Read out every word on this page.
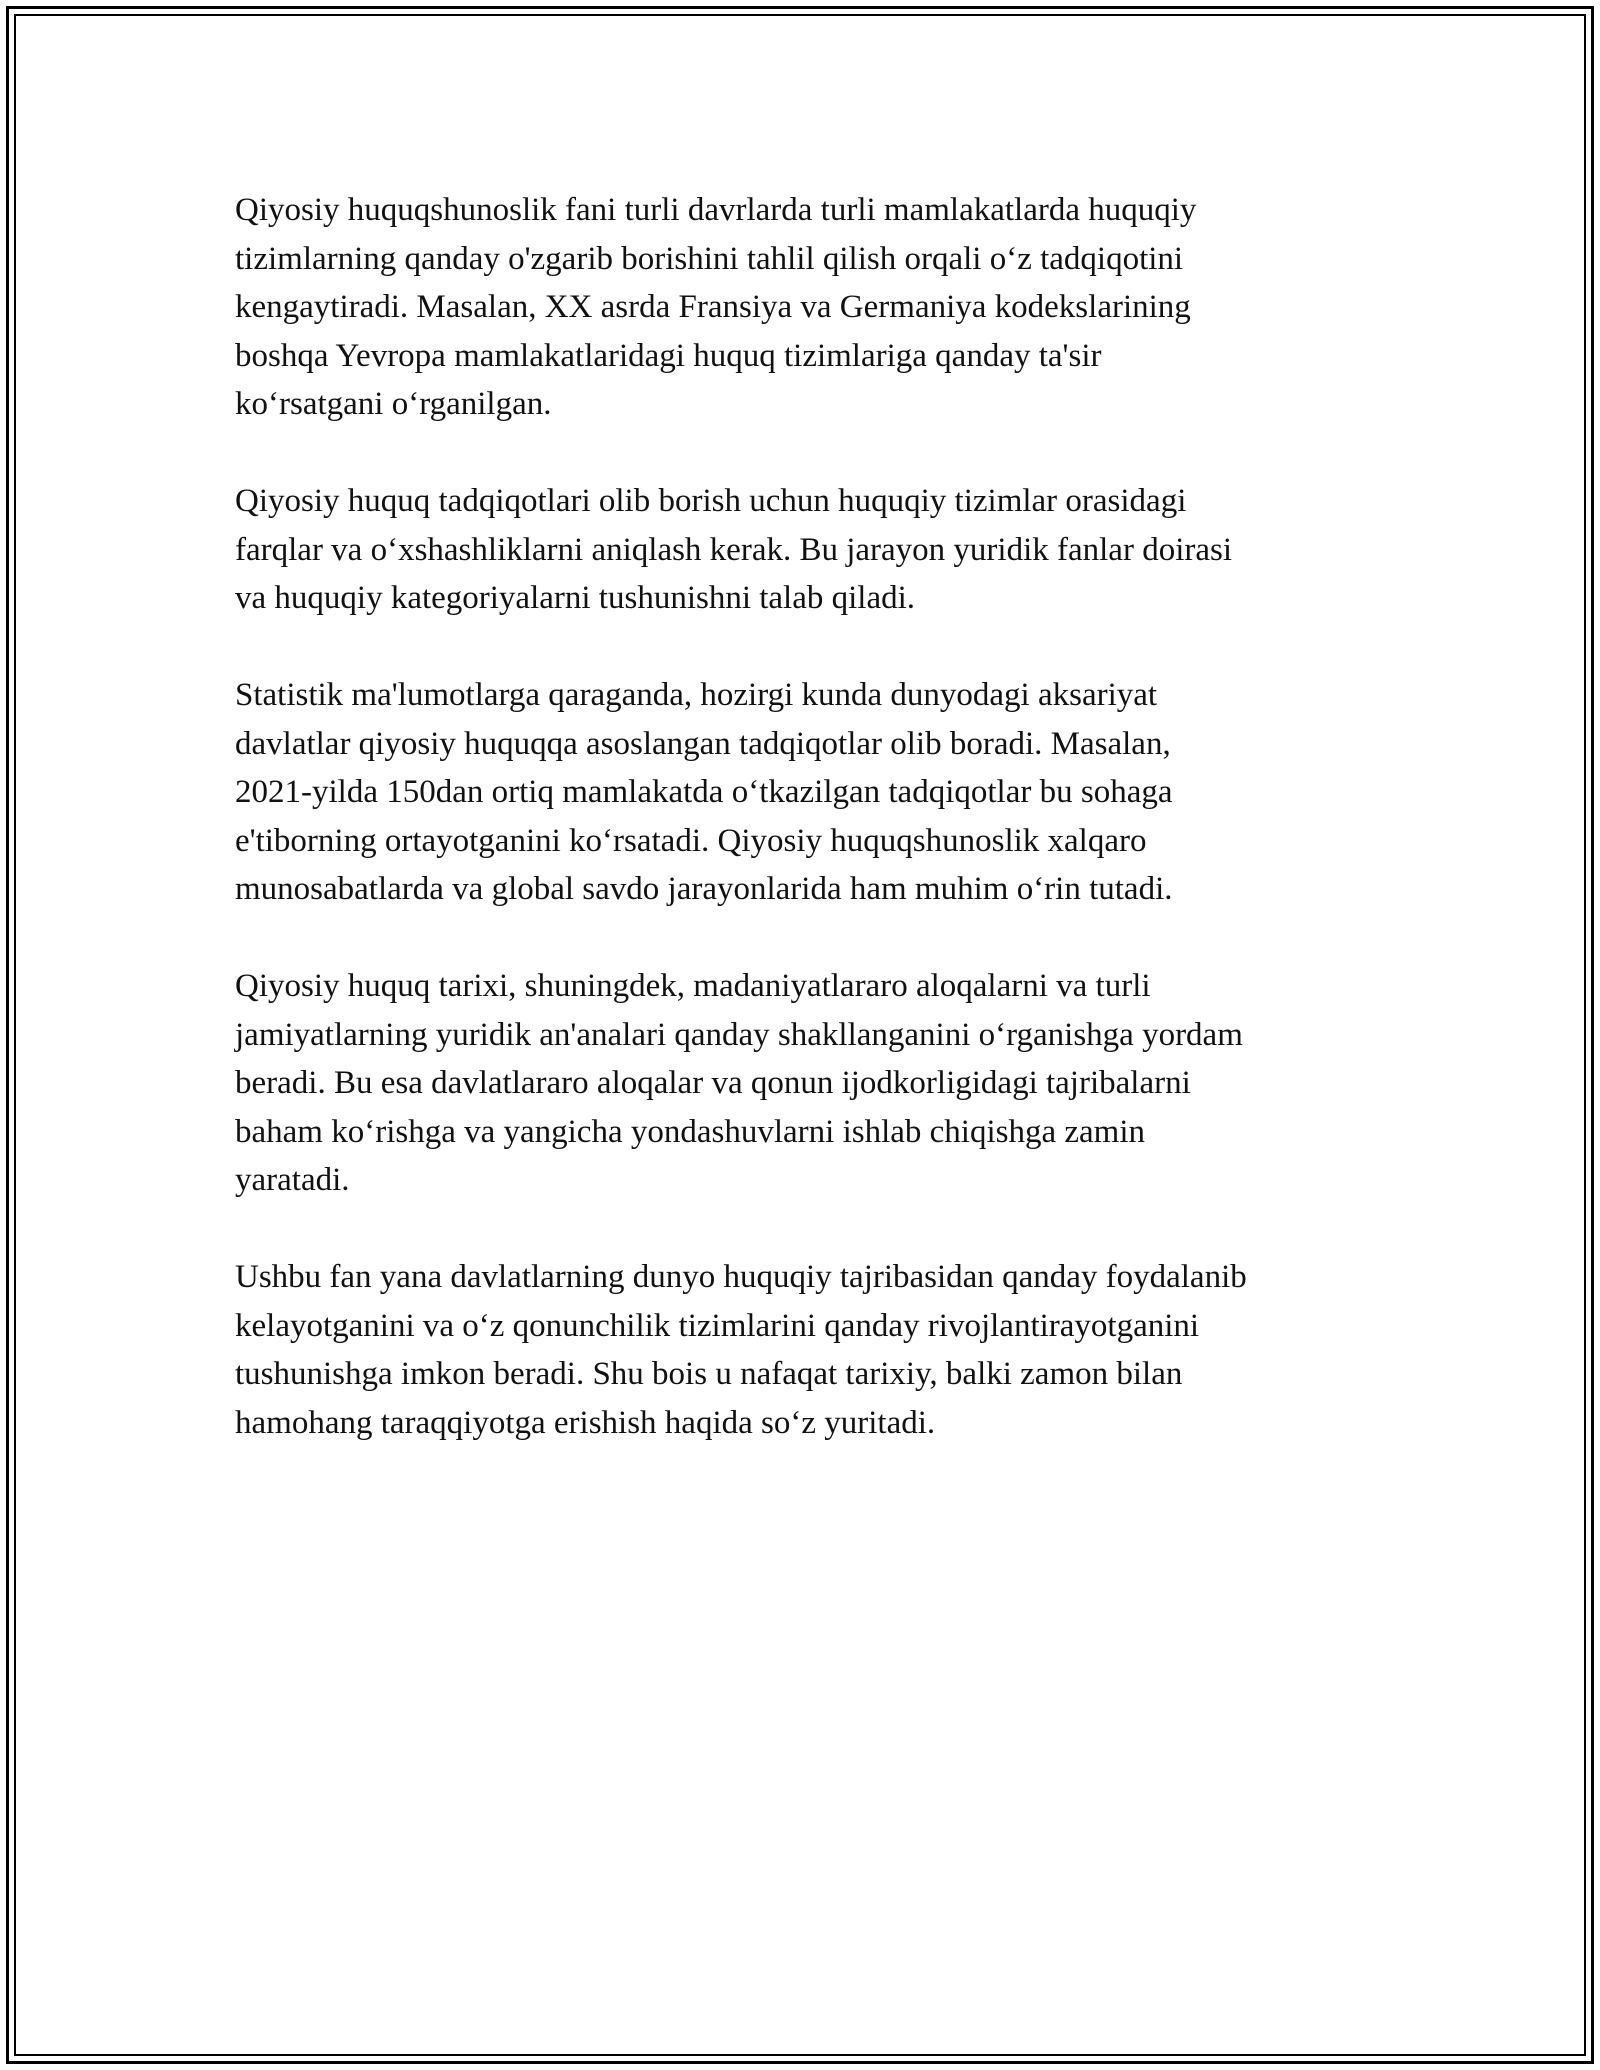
Qiyosiy huquqshunoslik fani turli davrlarda turli mamlakatlarda huquqiy
tizimlarning qanday o'zgarib borishini tahlil qilish orqali o‘z tadqiqotini
kengaytiradi. Masalan, XX asrda Fransiya va Germaniya kodekslarining
boshqa Yevropa mamlakatlaridagi huquq tizimlariga qanday ta'sir
ko‘rsatgani o‘rganilgan.

Qiyosiy huquq tadqiqotlari olib borish uchun huquqiy tizimlar orasidagi
farqlar va o‘xshashliklarni aniqlash kerak. Bu jarayon yuridik fanlar doirasi
va huquqiy kategoriyalarni tushunishni talab qiladi.

Statistik ma'lumotlarga qaraganda, hozirgi kunda dunyodagi aksariyat
davlatlar qiyosiy huquqqa asoslangan tadqiqotlar olib boradi. Masalan,
2021-yilda 150dan ortiq mamlakatda o‘tkazilgan tadqiqotlar bu sohaga
e'tiborning ortayotganini ko‘rsatadi. Qiyosiy huquqshunoslik xalqaro
munosabatlarda va global savdo jarayonlarida ham muhim o‘rin tutadi.

Qiyosiy huquq tarixi, shuningdek, madaniyatlararo aloqalarni va turli
jamiyatlarning yuridik an'analari qanday shakllanganini o‘rganishga yordam
beradi. Bu esa davlatlararo aloqalar va qonun ijodkorligidagi tajribalarni
baham ko‘rishga va yangicha yondashuvlarni ishlab chiqishga zamin
yaratadi.

Ushbu fan yana davlatlarning dunyo huquqiy tajribasidan qanday foydalanib
kelayotganini va o‘z qonunchilik tizimlarini qanday rivojlantirayotganini
tushunishga imkon beradi. Shu bois u nafaqat tarixiy, balki zamon bilan
hamohang taraqqiyotga erishish haqida so‘z yuritadi.
